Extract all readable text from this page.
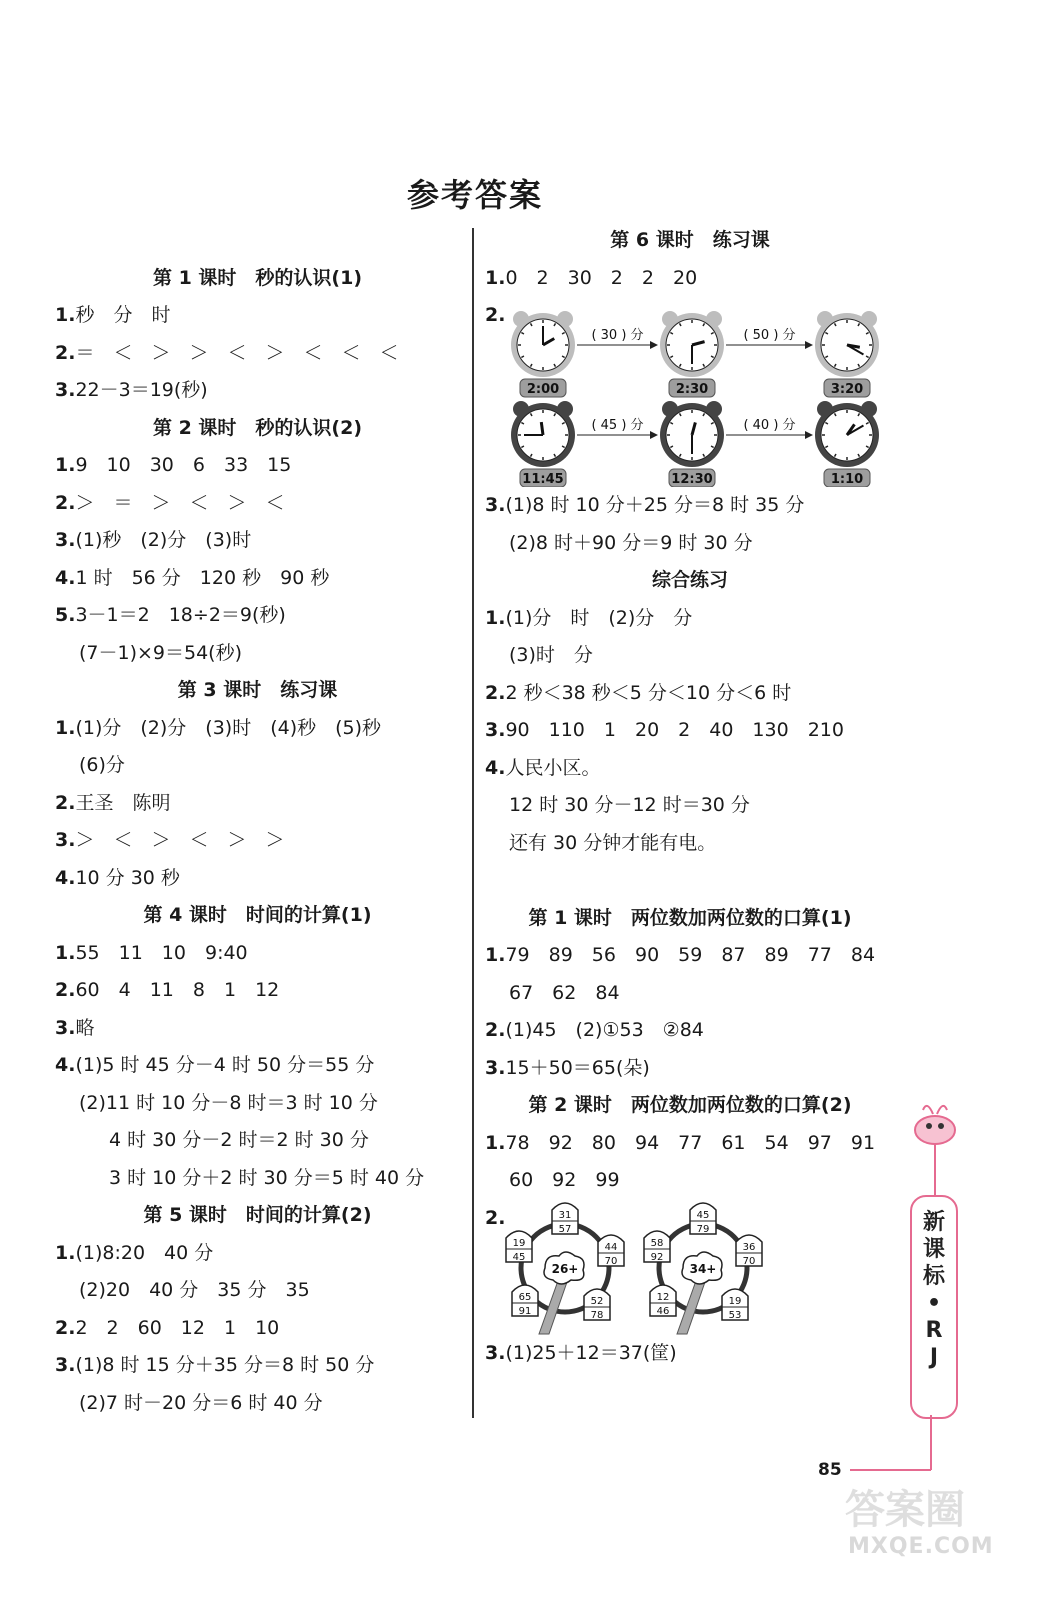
参考答案

第 1 课时　秒的认识(1)
1.秒　分　时
2.＝　＜　＞　＞　＜　＞　＜　＜　＜
3.22－3＝19(秒)
第 2 课时　秒的认识(2)
1.9　10　30　6　33　15
2.＞　＝　＞　＜　＞　＜
3.(1)秒　(2)分　(3)时
4.1 时　56 分　120 秒　90 秒
5.3－1＝2　18÷2＝9(秒)
(7－1)×9＝54(秒)
第 3 课时　练习课
1.(1)分　(2)分　(3)时　(4)秒　(5)秒
(6)分
2.王圣　陈明
3.＞　＜　＞　＜　＞　＞
4.10 分 30 秒
第 4 课时　时间的计算(1)
1.55　11　10　9:40
2.60　4　11　8　1　12
3.略
4.(1)5 时 45 分－4 时 50 分＝55 分
(2)11 时 10 分－8 时＝3 时 10 分
4 时 30 分－2 时＝2 时 30 分
3 时 10 分＋2 时 30 分＝5 时 40 分
第 5 课时　时间的计算(2)
1.(1)8:20　40 分
(2)20　40 分　35 分　35
2.2　2　60　12　1　10
3.(1)8 时 15 分＋35 分＝8 时 50 分
(2)7 时－20 分＝6 时 40 分
第 6 课时　练习课
1.0　2　30　2　2　20
2.
2:00	2:30	3:20
( 30 ) 分	( 50 ) 分
11:45	12:30	1:10
( 45 ) 分	( 40 ) 分
3.(1)8 时 10 分＋25 分＝8 时 35 分
(2)8 时＋90 分＝9 时 30 分
综合练习
1.(1)分　时　(2)分　分
(3)时　分
2.2 秒＜38 秒＜5 分＜10 分＜6 时
3.90　110　1　20　2　40　130　210
4.人民小区。
12 时 30 分－12 时＝30 分
还有 30 分钟才能有电。

第 1 课时　两位数加两位数的口算(1)
1.79　89　56　90　59　87　89　77　84
67　62　84
2.(1)45　(2)①53　②84
3.15＋50＝65(朵)
第 2 课时　两位数加两位数的口算(2)
1.78　92　80　94　77　61　54　97　91
60　92　99
2.	31
57
19
45
44
70
65
91
52
78
26+
45
79
58
92
36
70
12
46
19
53
34+
3.(1)25＋12＝37(筐)
新
课
标
•
R
J
85
答案圈
MXQE.COM
